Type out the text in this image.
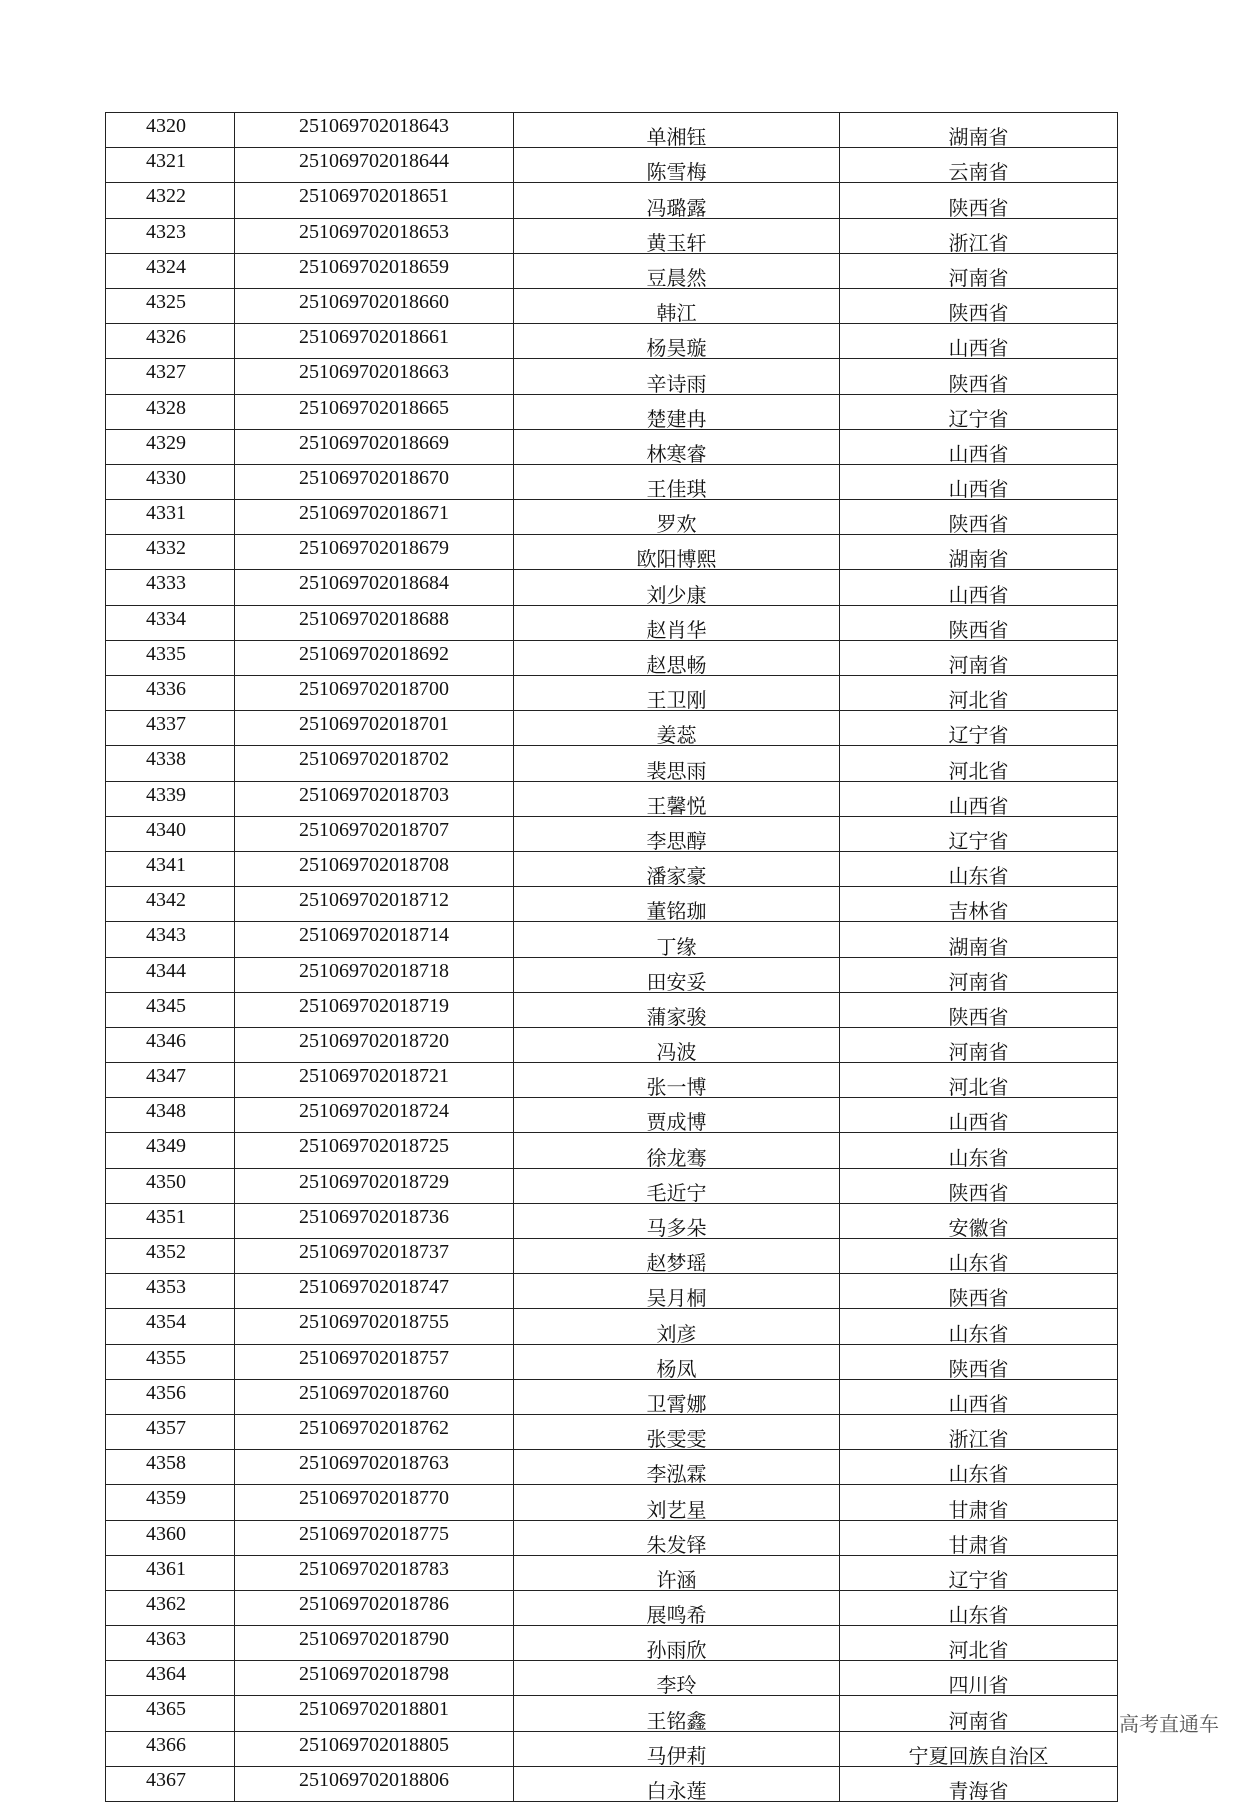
4320	251069702018643	单湘钰	湖南省
4321	251069702018644	陈雪梅	云南省
4322	251069702018651	冯璐露	陕西省
4323	251069702018653	黄玉轩	浙江省
4324	251069702018659	豆晨然	河南省
4325	251069702018660	韩江	陕西省
4326	251069702018661	杨昊璇	山西省
4327	251069702018663	辛诗雨	陕西省
4328	251069702018665	楚建冉	辽宁省
4329	251069702018669	林寒睿	山西省
4330	251069702018670	王佳琪	山西省
4331	251069702018671	罗欢	陕西省
4332	251069702018679	欧阳博熙	湖南省
4333	251069702018684	刘少康	山西省
4334	251069702018688	赵肖华	陕西省
4335	251069702018692	赵思畅	河南省
4336	251069702018700	王卫刚	河北省
4337	251069702018701	姜蕊	辽宁省
4338	251069702018702	裴思雨	河北省
4339	251069702018703	王馨悦	山西省
4340	251069702018707	李思醇	辽宁省
4341	251069702018708	潘家豪	山东省
4342	251069702018712	董铭珈	吉林省
4343	251069702018714	丁缘	湖南省
4344	251069702018718	田安妥	河南省
4345	251069702018719	蒲家骏	陕西省
4346	251069702018720	冯波	河南省
4347	251069702018721	张一博	河北省
4348	251069702018724	贾成博	山西省
4349	251069702018725	徐龙骞	山东省
4350	251069702018729	毛近宁	陕西省
4351	251069702018736	马多朵	安徽省
4352	251069702018737	赵梦瑶	山东省
4353	251069702018747	吴月桐	陕西省
4354	251069702018755	刘彦	山东省
4355	251069702018757	杨凤	陕西省
4356	251069702018760	卫霄娜	山西省
4357	251069702018762	张雯雯	浙江省
4358	251069702018763	李泓霖	山东省
4359	251069702018770	刘艺星	甘肃省
4360	251069702018775	朱发铎	甘肃省
4361	251069702018783	许涵	辽宁省
4362	251069702018786	展鸣希	山东省
4363	251069702018790	孙雨欣	河北省
4364	251069702018798	李玲	四川省
4365	251069702018801	王铭鑫	河南省
4366	251069702018805	马伊莉	宁夏回族自治区
4367	251069702018806	白永莲	青海省
高考直通车
